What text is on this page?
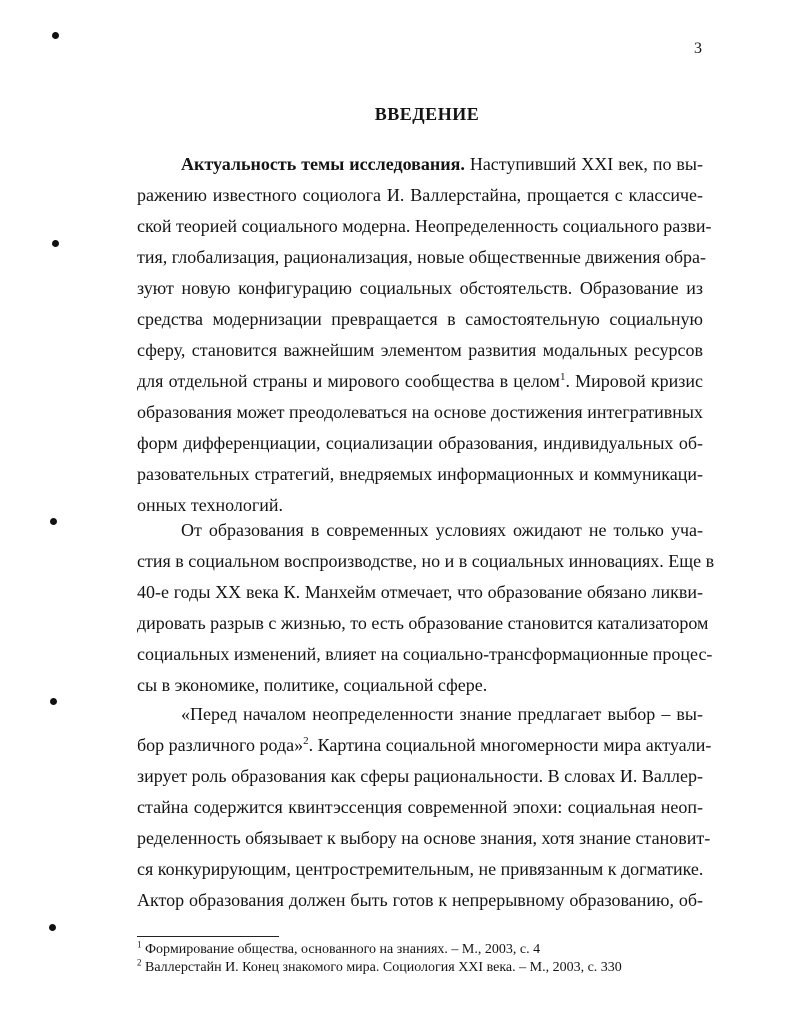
3
ВВЕДЕНИЕ
Актуальность темы исследования. Наступивший XXI век, по вы-
ражению известного социолога И. Валлерстайна, прощается с классиче-
ской теорией социального модерна. Неопределенность социального разви-
тия, глобализация, рационализация, новые общественные движения обра-
зуют новую конфигурацию социальных обстоятельств. Образование из
средства модернизации превращается в самостоятельную социальную
сферу, становится важнейшим элементом развития модальных ресурсов
для отдельной страны и мирового сообщества в целом$^1$. Мировой кризис
образования может преодолеваться на основе достижения интегративных
форм дифференциации, социализации образования, индивидуальных об-
разовательных стратегий, внедряемых информационных и коммуникаци-
онных технологий.
От образования в современных условиях ожидают не только уча-
стия в социальном воспроизводстве, но и в социальных инновациях. Еще в
40-е годы XX века К. Манхейм отмечает, что образование обязано ликви-
дировать разрыв с жизнью, то есть образование становится катализатором
социальных изменений, влияет на социально-трансформационные процес-
сы в экономике, политике, социальной сфере.
«Перед началом неопределенности знание предлагает выбор – вы-
бор различного рода»$^2$. Картина социальной многомерности мира актуали-
зирует роль образования как сферы рациональности. В словах И. Валлер-
стайна содержится квинтэссенция современной эпохи: социальная неоп-
ределенность обязывает к выбору на основе знания, хотя знание становит-
ся конкурирующим, центростремительным, не привязанным к догматике.
Актор образования должен быть готов к непрерывному образованию, об-
$^1$ Формирование общества, основанного на знаниях. – М., 2003, с. 4
$^2$ Валлерстайн И. Конец знакомого мира. Социология XXI века. – М., 2003, с. 330
